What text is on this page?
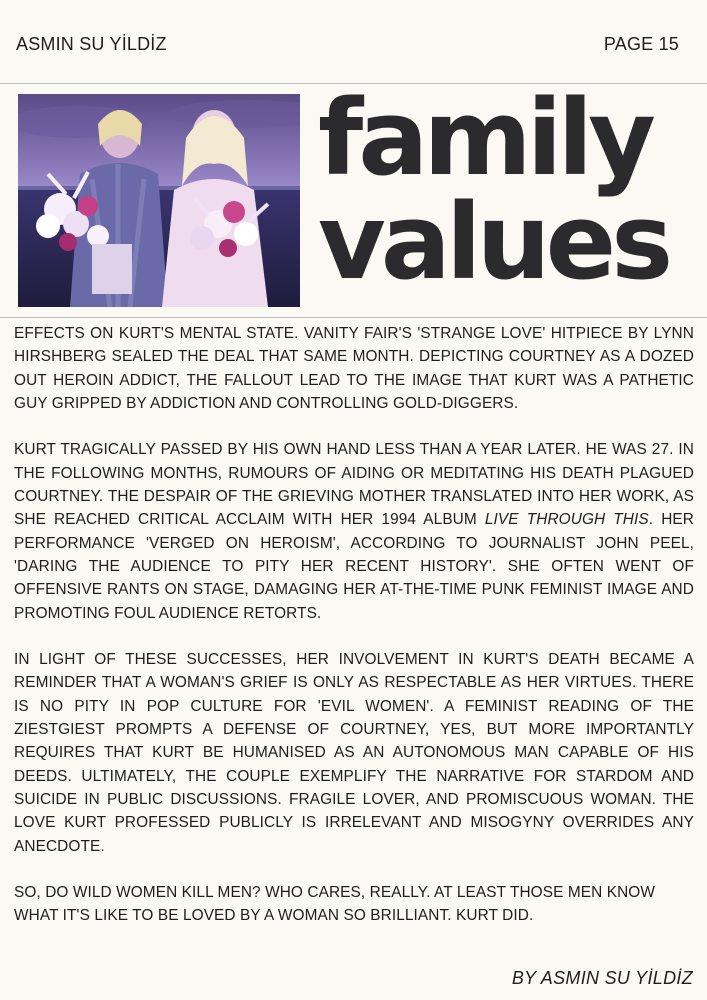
ASMIN SU YİLDİZ	PAGE 15
family
values

EFFECTS ON KURT'S MENTAL STATE. VANITY FAIR'S 'STRANGE LOVE' HITPIECE BY LYNN HIRSHBERG SEALED THE DEAL THAT SAME MONTH. DEPICTING COURTNEY AS A DOZED OUT HEROIN ADDICT, THE FALLOUT LEAD TO THE IMAGE THAT KURT WAS A PATHETIC GUY GRIPPED BY ADDICTION AND CONTROLLING GOLD-DIGGERS.

KURT TRAGICALLY PASSED BY HIS OWN HAND LESS THAN A YEAR LATER. HE WAS 27. IN THE FOLLOWING MONTHS, RUMOURS OF AIDING OR MEDITATING HIS DEATH PLAGUED COURTNEY. THE DESPAIR OF THE GRIEVING MOTHER TRANSLATED INTO HER WORK, AS SHE REACHED CRITICAL ACCLAIM WITH HER 1994 ALBUM LIVE THROUGH THIS. HER PERFORMANCE 'VERGED ON HEROISM', ACCORDING TO JOURNALIST JOHN PEEL, 'DARING THE AUDIENCE TO PITY HER RECENT HISTORY'. SHE OFTEN WENT OF OFFENSIVE RANTS ON STAGE, DAMAGING HER AT-THE-TIME PUNK FEMINIST IMAGE AND PROMOTING FOUL AUDIENCE RETORTS.

IN LIGHT OF THESE SUCCESSES, HER INVOLVEMENT IN KURT'S DEATH BECAME A REMINDER THAT A WOMAN'S GRIEF IS ONLY AS RESPECTABLE AS HER VIRTUES. THERE IS NO PITY IN POP CULTURE FOR 'EVIL WOMEN'. A FEMINIST READING OF THE ZIESTGIEST PROMPTS A DEFENSE OF COURTNEY, YES, BUT MORE IMPORTANTLY REQUIRES THAT KURT BE HUMANISED AS AN AUTONOMOUS MAN CAPABLE OF HIS DEEDS. ULTIMATELY, THE COUPLE EXEMPLIFY THE NARRATIVE FOR STARDOM AND SUICIDE IN PUBLIC DISCUSSIONS. FRAGILE LOVER, AND PROMISCUOUS WOMAN. THE LOVE KURT PROFESSED PUBLICLY IS IRRELEVANT AND MISOGYNY OVERRIDES ANY ANECDOTE.

SO, DO WILD WOMEN KILL MEN? WHO CARES, REALLY. AT LEAST THOSE MEN KNOW WHAT IT'S LIKE TO BE LOVED BY A WOMAN SO BRILLIANT. KURT DID.

BY ASMIN SU YİLDİZ
